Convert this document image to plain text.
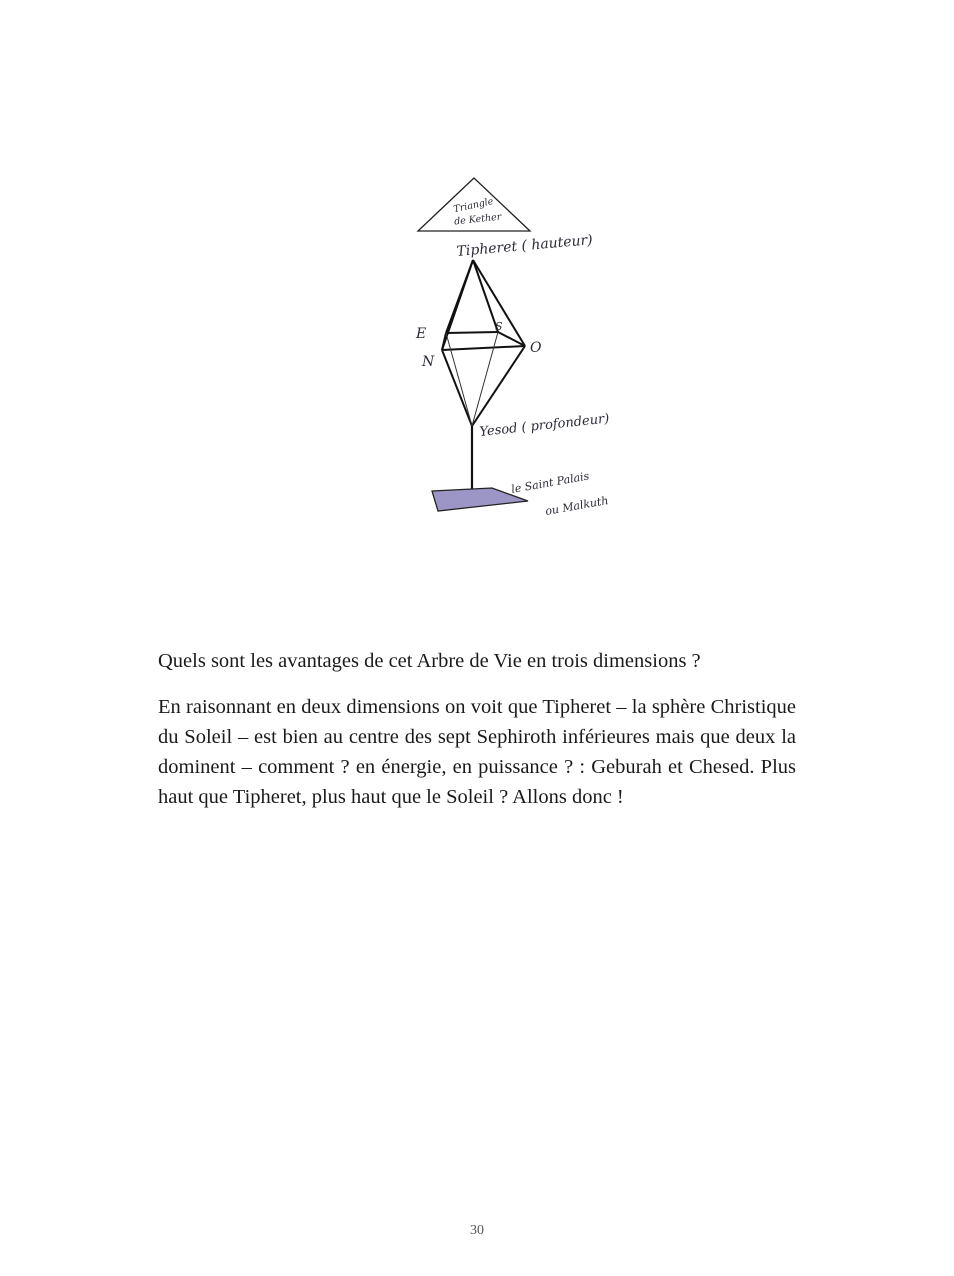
Triangle
de Kether
Tipheret ( hauteur)
E	S
N
O
Yesod ( profondeur)
le Saint Palais
ou Malkuth
Quels sont les avantages de cet Arbre de Vie en trois dimensions ?
En raisonnant en deux dimensions on voit que Tipheret – la sphère Christique du Soleil – est bien au centre des sept Sephiroth inférieures mais que deux la dominent – comment ? en énergie, en puissance ? : Geburah et Chesed. Plus haut que Tipheret, plus haut que le Soleil ? Allons donc !
30
